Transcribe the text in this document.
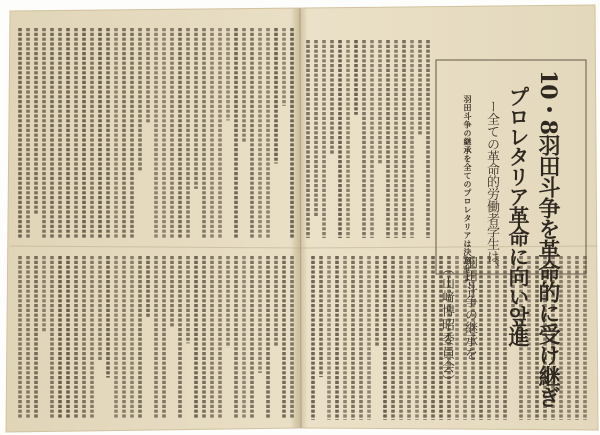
10・8羽田斗争を革命的に受け継ぎ
プロレタリア革命に向い앞進
ー全ての革命的労働者学生は、
羽田斗争の継承を
（山﨑博昭委員会）
羽田斗争の継承を全てのプロレタリアは決意せよ！！
